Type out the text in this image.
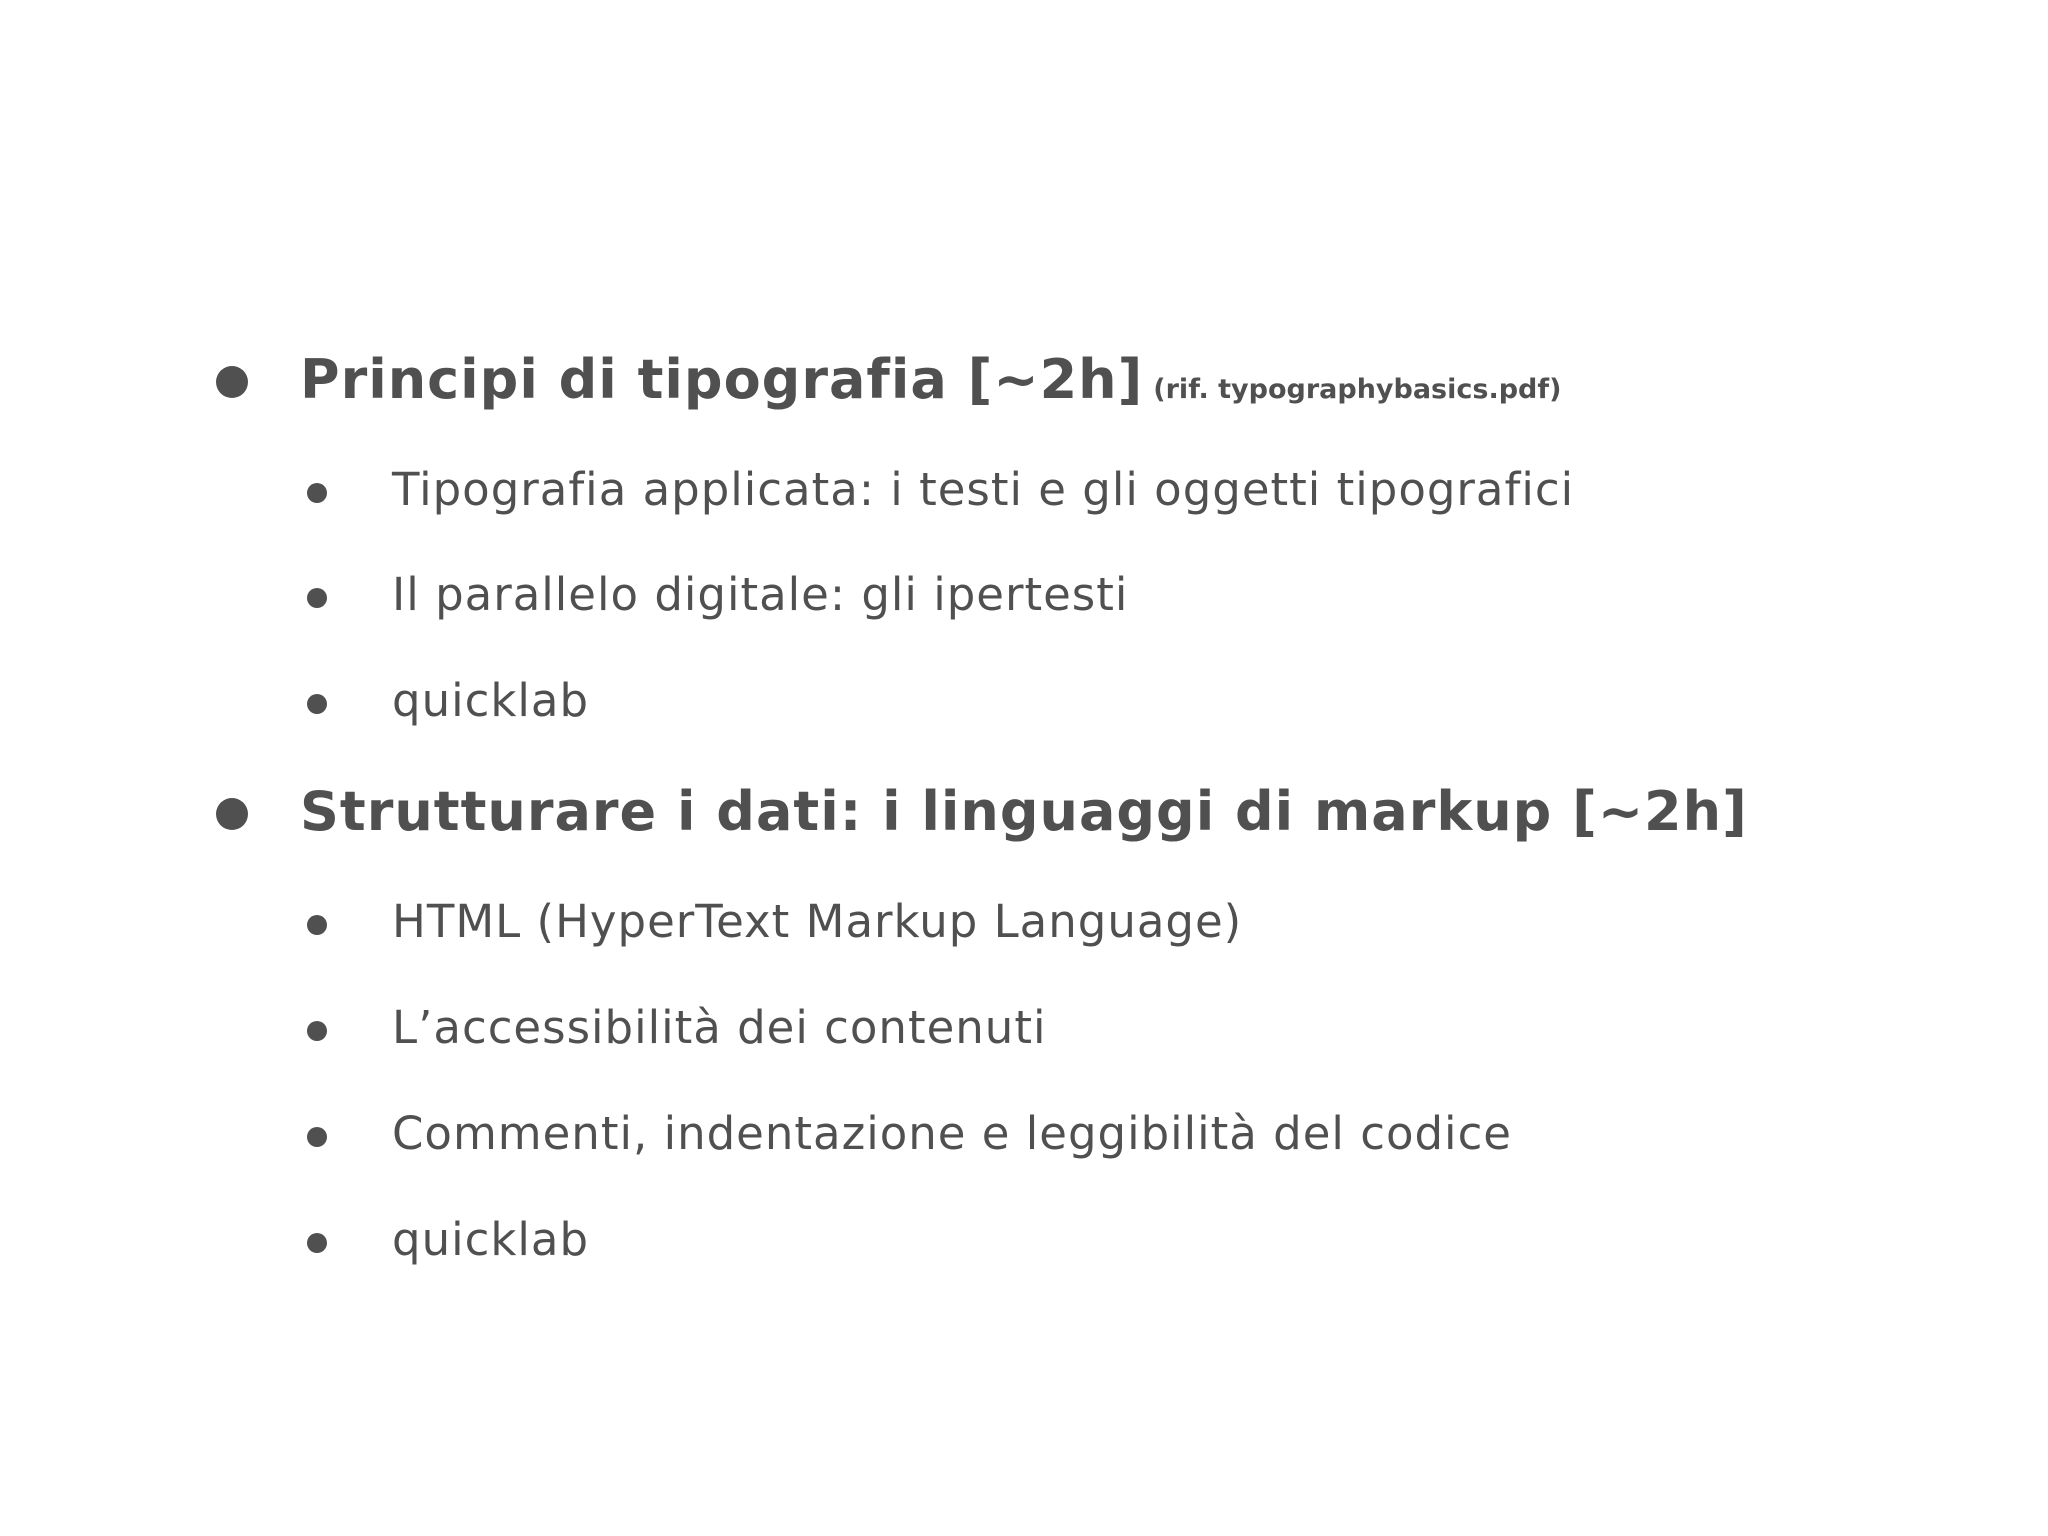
Principi di tipografia [~2h] (rif. typographybasics.pdf)
Tipografia applicata: i testi e gli oggetti tipografici
Il parallelo digitale: gli ipertesti
quicklab
Strutturare i dati: i linguaggi di markup [~2h]
HTML (HyperText Markup Language)
L’accessibilità dei contenuti
Commenti, indentazione e leggibilità del codice
quicklab
